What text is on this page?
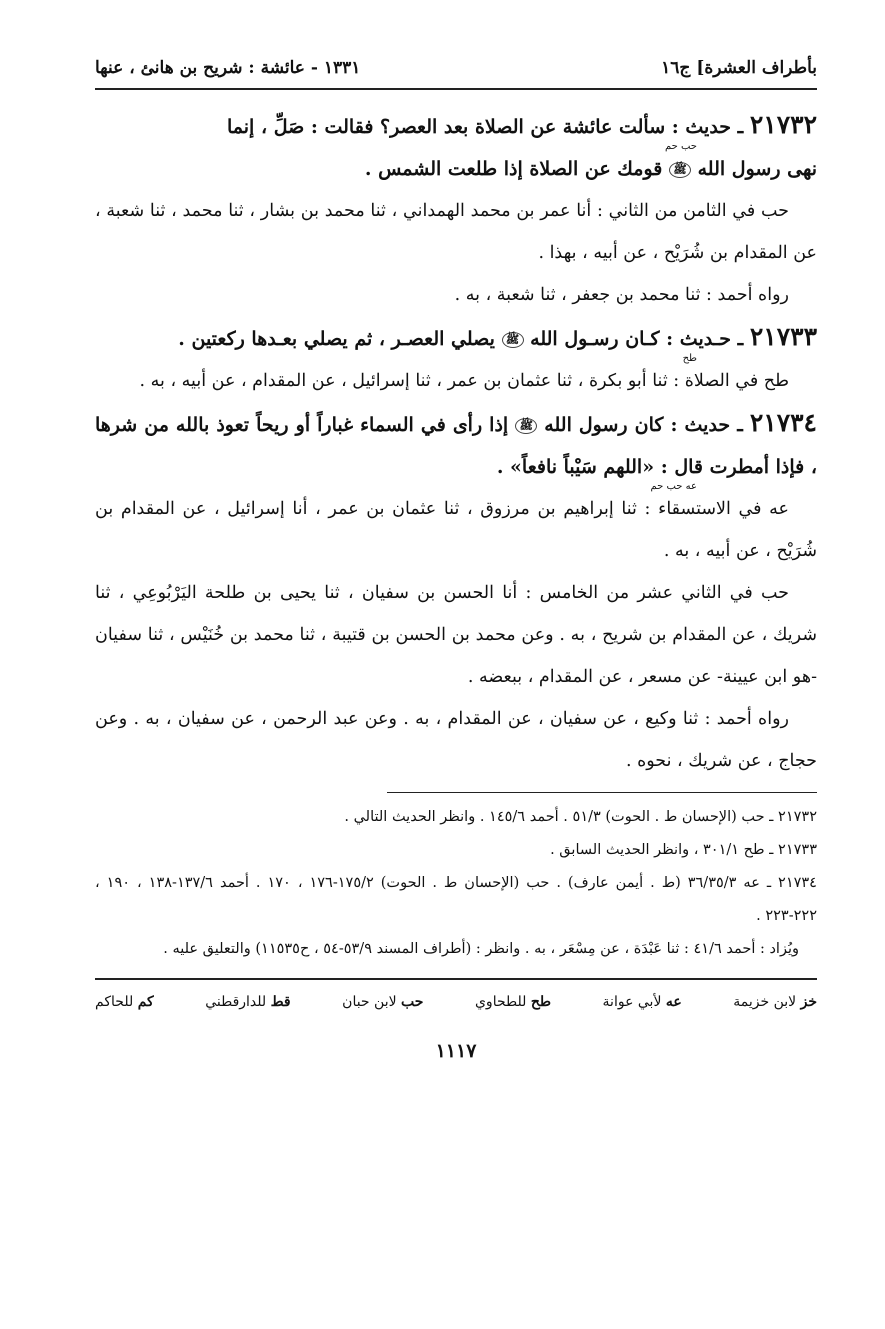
بأطراف العشرة] ج١٦
١٣٣١ - عائشة : شريح بن هانئ ، عنها

٢١٧٣٢ ـ حديث : سألت عائشة عن الصلاة بعد العصر؟ فقالت : صَلِّ ، إنما
حب حم
نهى رسول الله ﷺ قومك عن الصلاة إذا طلعت الشمس .

حب في الثامن من الثاني : أنا عمر بن محمد الهمداني ، ثنا محمد بن بشار ، ثنا محمد ، ثنا شعبة ، عن المقدام بن شُرَيْح ، عن أبيه ، بهذا .

رواه أحمد : ثنا محمد بن جعفر ، ثنا شعبة ، به .

٢١٧٣٣ ـ حـديث : كـان رسـول الله ﷺ يصلي العصـر ، ثم يصلي بعـدها ركعتين .
طح

طح في الصلاة : ثنا أبو بكرة ، ثنا عثمان بن عمر ، ثنا إسرائيل ، عن المقدام ، عن أبيه ، به .

٢١٧٣٤ ـ حديث : كان رسول الله ﷺ إذا رأى في السماء غباراً أو ريحاً تعوذ بالله من شرها ، فإذا أمطرت قال : «اللهم سَيْباً نافعاً» .
عه حب حم

عه في الاستسقاء : ثنا إبراهيم بن مرزوق ، ثنا عثمان بن عمر ، أنا إسرائيل ، عن المقدام بن شُرَيْح ، عن أبيه ، به .

حب في الثاني عشر من الخامس : أنا الحسن بن سفيان ، ثنا يحيى بن طلحة اليَرْبُوعِي ، ثنا شريك ، عن المقدام بن شريح ، به . وعن محمد بن الحسن بن قتيبة ، ثنا محمد بن خُنَيْس ، ثنا سفيان -هو ابن عيينة- عن مسعر ، عن المقدام ، ببعضه .

رواه أحمد : ثنا وكيع ، عن سفيان ، عن المقدام ، به . وعن عبد الرحمن ، عن سفيان ، به . وعن حجاج ، عن شريك ، نحوه .

٢١٧٣٢ ـ حب (الإحسان ط . الحوت) ٥١/٣ . أحمد ١٤٥/٦ . وانظر الحديث التالي .

٢١٧٣٣ ـ طح ٣٠١/١ ، وانظر الحديث السابق .

٢١٧٣٤ ـ عه ٣٦/٣٥/٣ (ط . أيمن عارف) . حب (الإحسان ط . الحوت) ١٧٥/٢-١٧٦ ، ١٧٠ . أحمد ١٣٧/٦-١٣٨ ، ١٩٠ ، ٢٢٢-٢٢٣ .

ويُزاد : أحمد ٤١/٦ : ثنا عَبْدَة ، عن مِسْعَر ، به . وانظر : (أطراف المسند ٥٣/٩-٥٤ ، ح١١٥٣٥) والتعليق عليه .

خز لابن خزيمة
عه لأبي عوانة
طح للطحاوي
حب لابن حبان
قط للدارقطني
كم للحاكم
١١١٧
